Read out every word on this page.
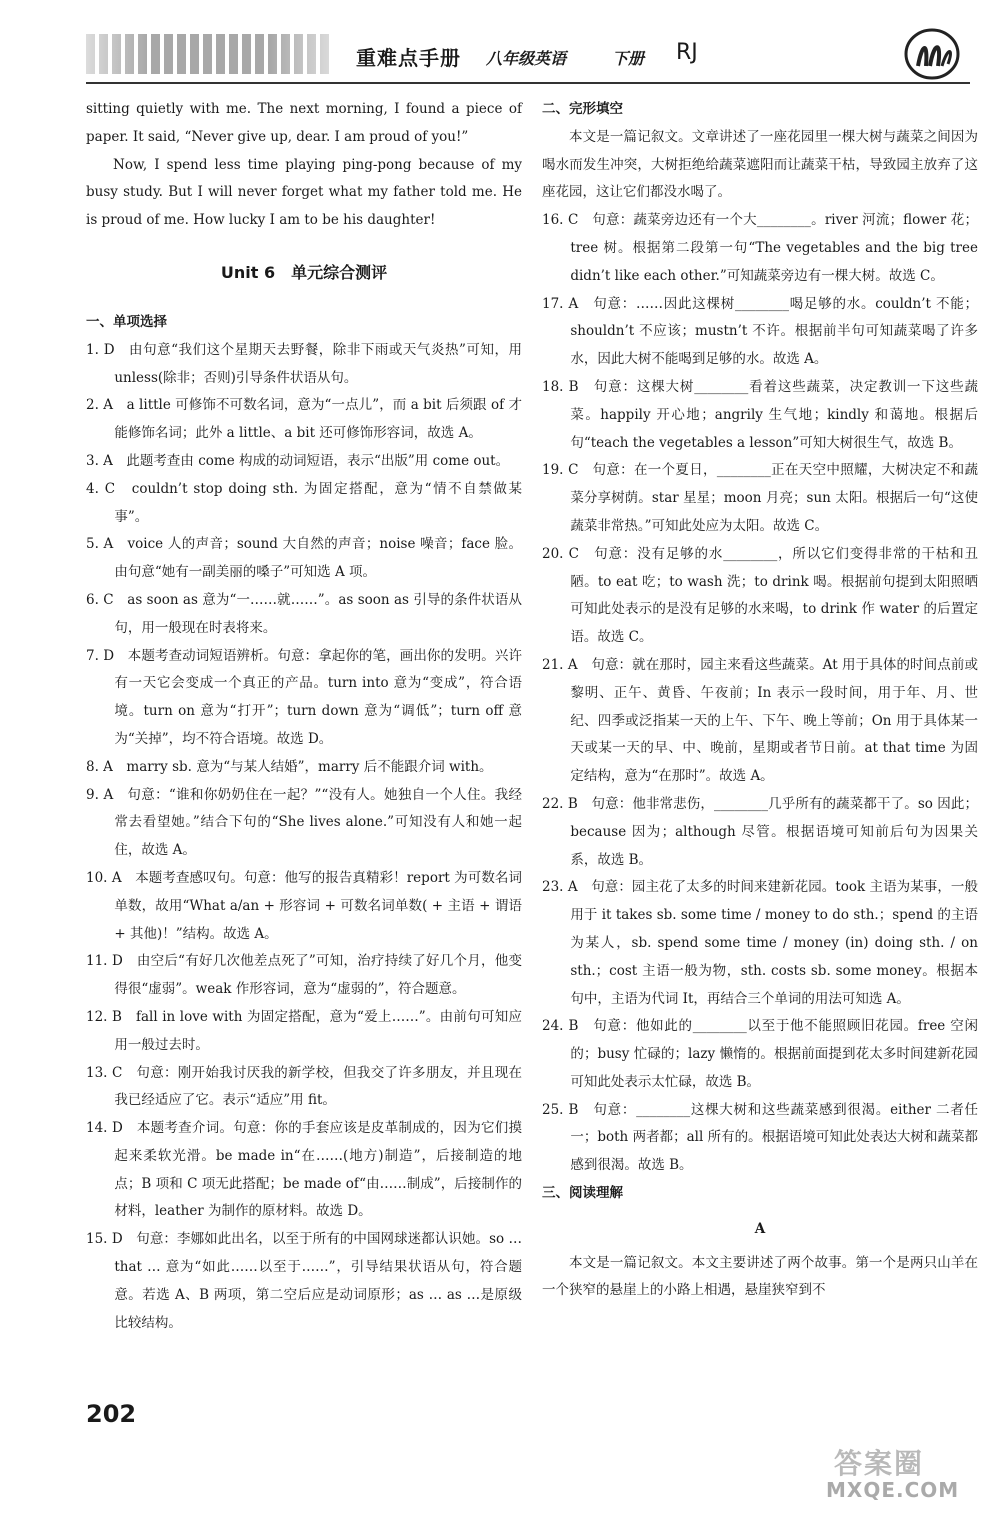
重难点手册 八年级英语	下册 RJ

sitting quietly with me. The next morning, I found a piece of paper. It said, “Never give up, dear. I am proud of you!”

Now, I spend less time playing ping-pong because of my busy study. But I will never forget what my father told me. He is proud of me. How lucky I am to be his daughter!

Unit 6　单元综合测评

一、单项选择

1. D　由句意“我们这个星期天去野餐，除非下雨或天气炎热”可知，用 unless(除非；否则)引导条件状语从句。

2. A　a little 可修饰不可数名词，意为“一点儿”，而 a bit 后须跟 of 才能修饰名词；此外 a little、a bit 还可修饰形容词，故选 A。

3. A　此题考查由 come 构成的动词短语，表示“出版”用 come out。

4. C　couldn’t stop doing sth. 为固定搭配，意为“情不自禁做某事”。

5. A　voice 人的声音；sound 大自然的声音；noise 噪音；face 脸。由句意“她有一副美丽的嗓子”可知选 A 项。

6. C　as soon as 意为“一……就……”。as soon as 引导的条件状语从句，用一般现在时表将来。

7. D　本题考查动词短语辨析。句意：拿起你的笔，画出你的发明。兴许有一天它会变成一个真正的产品。turn into 意为“变成”，符合语境。turn on 意为“打开”；turn down 意为“调低”；turn off 意为“关掉”，均不符合语境。故选 D。

8. A　marry sb. 意为“与某人结婚”，marry 后不能跟介词 with。

9. A　句意：“谁和你奶奶住在一起？”“没有人。她独自一个人住。我经常去看望她。”结合下句的“She lives alone.”可知没有人和她一起住，故选 A。

10. A　本题考查感叹句。句意：他写的报告真精彩！report 为可数名词单数，故用“What a/an + 形容词 + 可数名词单数( + 主语 + 谓语 + 其他)！”结构。故选 A。

11. D　由空后“有好几次他差点死了”可知，治疗持续了好几个月，他变得很“虚弱”。weak 作形容词，意为“虚弱的”，符合题意。

12. B　fall in love with 为固定搭配，意为“爱上……”。由前句可知应用一般过去时。

13. C　句意：刚开始我讨厌我的新学校，但我交了许多朋友，并且现在我已经适应了它。表示“适应”用 fit。

14. D　本题考查介词。句意：你的手套应该是皮革制成的，因为它们摸起来柔软光滑。be made in“在……(地方)制造”，后接制造的地点；B 项和 C 项无此搭配；be made of“由……制成”，后接制作的材料，leather 为制作的原材料。故选 D。

15. D　句意：李娜如此出名，以至于所有的中国网球迷都认识她。so … that … 意为“如此……以至于……”，引导结果状语从句，符合题意。若选 A、B 两项，第二空后应是动词原形；as … as …是原级比较结构。

二、完形填空

本文是一篇记叙文。文章讲述了一座花园里一棵大树与蔬菜之间因为喝水而发生冲突，大树拒绝给蔬菜遮阳而让蔬菜干枯，导致园主放弃了这座花园，这让它们都没水喝了。

16. C　句意：蔬菜旁边还有一个大________。river 河流；flower 花；tree 树。根据第二段第一句“The vegetables and the big tree didn’t like each other.”可知蔬菜旁边有一棵大树。故选 C。

17. A　句意：……因此这棵树________喝足够的水。couldn’t 不能；shouldn’t 不应该；mustn’t 不许。根据前半句可知蔬菜喝了许多水，因此大树不能喝到足够的水。故选 A。

18. B　句意：这棵大树________看着这些蔬菜，决定教训一下这些蔬菜。happily 开心地；angrily 生气地；kindly 和蔼地。根据后句“teach the vegetables a lesson”可知大树很生气，故选 B。

19. C　句意：在一个夏日，________正在天空中照耀，大树决定不和蔬菜分享树荫。star 星星；moon 月亮；sun 太阳。根据后一句“这使蔬菜非常热。”可知此处应为太阳。故选 C。

20. C　句意：没有足够的水________，所以它们变得非常的干枯和丑陋。to eat 吃；to wash 洗；to drink 喝。根据前句提到太阳照晒可知此处表示的是没有足够的水来喝，to drink 作 water 的后置定语。故选 C。

21. A　句意：就在那时，园主来看这些蔬菜。At 用于具体的时间点前或黎明、正午、黄昏、午夜前；In 表示一段时间，用于年、月、世纪、四季或泛指某一天的上午、下午、晚上等前；On 用于具体某一天或某一天的早、中、晚前，星期或者节日前。at that time 为固定结构，意为“在那时”。故选 A。

22. B　句意：他非常悲伤，________几乎所有的蔬菜都干了。so 因此；because 因为；although 尽管。根据语境可知前后句为因果关系，故选 B。

23. A　句意：园主花了太多的时间来建新花园。took 主语为某事，一般用于 it takes sb. some time / money to do sth.；spend 的主语为某人，sb. spend some time / money (in) doing sth. / on sth.；cost 主语一般为物，sth. costs sb. some money。根据本句中，主语为代词 It，再结合三个单词的用法可知选 A。

24. B　句意：他如此的________以至于他不能照顾旧花园。free 空闲的；busy 忙碌的；lazy 懒惰的。根据前面提到花太多时间建新花园可知此处表示太忙碌，故选 B。

25. B　句意：________这棵大树和这些蔬菜感到很渴。either 二者任一；both 两者都；all 所有的。根据语境可知此处表达大树和蔬菜都感到很渴。故选 B。

三、阅读理解

A

本文是一篇记叙文。本文主要讲述了两个故事。第一个是两只山羊在一个狭窄的悬崖上的小路上相遇，悬崖狭窄到不

202
答案圈
MXQE.COM
